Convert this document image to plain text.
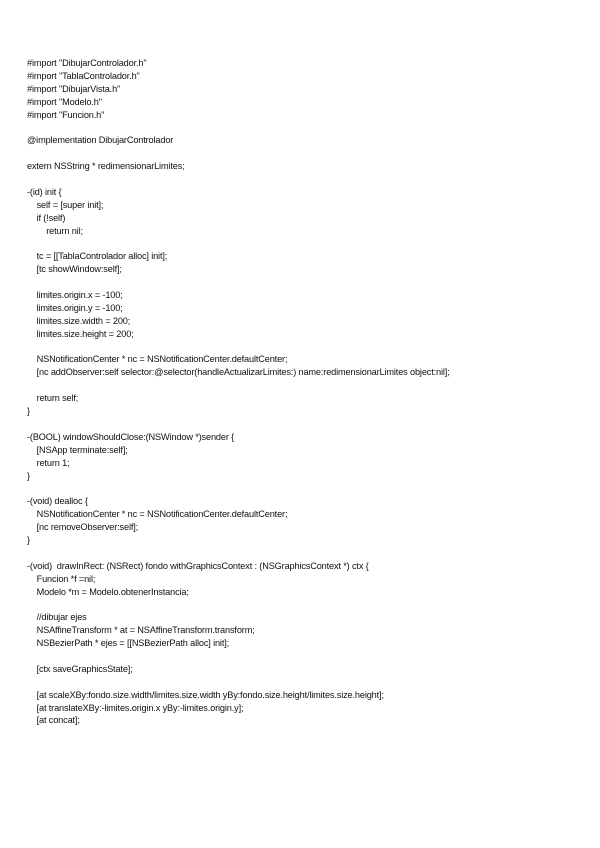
#import "DibujarControlador.h"
#import "TablaControlador.h"
#import "DibujarVista.h"
#import "Modelo.h"
#import "Funcion.h"
@implementation DibujarControlador
extern NSString * redimensionarLimites;
-(id) init {
self = [super init];
if (!self)
return nil;
tc = [[TablaControlador alloc] init];
[tc showWindow:self];
limites.origin.x = -100;
limites.origin.y = -100;
limites.size.width = 200;
limites.size.height = 200;
NSNotificationCenter * nc = NSNotificationCenter.defaultCenter;
[nc addObserver:self selector:@selector(handleActualizarLimites:) name:redimensionarLimites object:nil];
return self;
}
-(BOOL) windowShouldClose:(NSWindow *)sender {
[NSApp terminate:self];
return 1;
}
-(void) dealloc {
NSNotificationCenter * nc = NSNotificationCenter.defaultCenter;
[nc removeObserver:self];
}
-(void)  drawInRect: (NSRect) fondo withGraphicsContext : (NSGraphicsContext *) ctx {
Funcion *f =nil;
Modelo *m = Modelo.obtenerInstancia;
//dibujar ejes
NSAffineTransform * at = NSAffineTransform.transform;
NSBezierPath * ejes = [[NSBezierPath alloc] init];
[ctx saveGraphicsState];
[at scaleXBy:fondo.size.width/limites.size.width yBy:fondo.size.height/limites.size.height];
[at translateXBy:-limites.origin.x yBy:-limites.origin.y];
[at concat];
